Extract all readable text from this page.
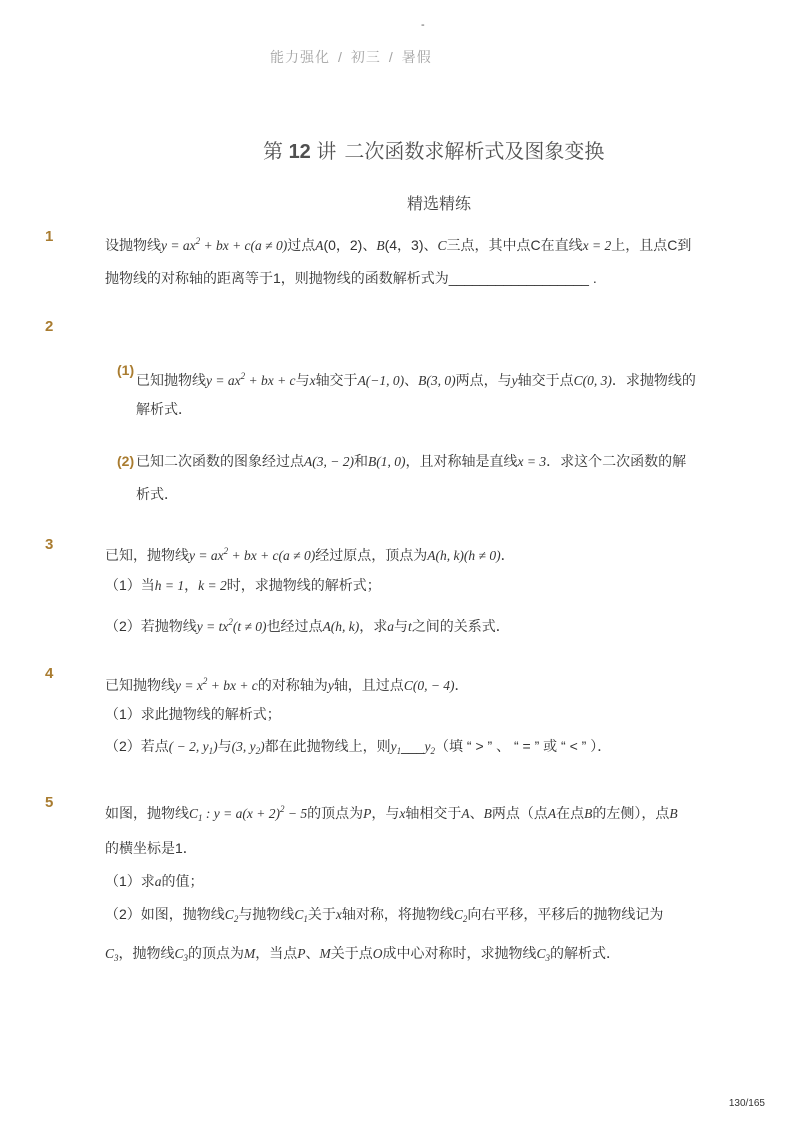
-
能力强化 / 初三 / 暑假
第 12 讲 二次函数求解析式及图象变换
精选精练
1	设抛物线$y = ax^2$ + bx + c(a ≠ 0)过点A(0，2)、B(4，3)、C三点，其中点C在直线x = 2上，且点C到
抛物线的对称轴的距离等于1，则抛物线的函数解析式为__________________ .
2
(1)
已知抛物线$y = ax^2$ + bx + c与x轴交于A(−1, 0)、B(3, 0)两点，与y轴交于点C(0, 3)．求抛物线的
解析式．
(2) 已知二次函数的图象经过点A(3, − 2)和B(1, 0)，且对称轴是直线x = 3．求这个二次函数的解
析式．
3
已知，抛物线$y = ax^2$ + bx + c(a ≠ 0)经过原点，顶点为A(h, k)(h ≠ 0)．
（1）当h = 1，k = 2时，求抛物线的解析式；
（2）若抛物线$y = tx^2(t \ne 0)$也经过点A(h, k)，求a与t之间的关系式．
4
已知抛物线$y = x^2$ + bx + c的对称轴为y轴，且过点C(0, − 4)．
（1）求此抛物线的解析式；
（2）若点( − 2, $y_1$)与(3, $y_2$)都在此抛物线上，则$y_1\_\_\_y_2$（填 “ > ” 、 “ = ” 或 “ < ” ）．
5
如图，抛物线$C_1$ : $y = a(x + 2)^2 - 5$的顶点为P，与x轴相交于A、B两点（点A在点B的左侧），点B
的横坐标是1．
（1）求a的值；
（2）如图，抛物线$C_2$与抛物线$C_1$关于x轴对称，将抛物线$C_2$向右平移，平移后的抛物线记为
$C_3$，抛物线$C_3$的顶点为M，当点P、M关于点O成中心对称时，求抛物线$C_3$的解析式．
130/165
